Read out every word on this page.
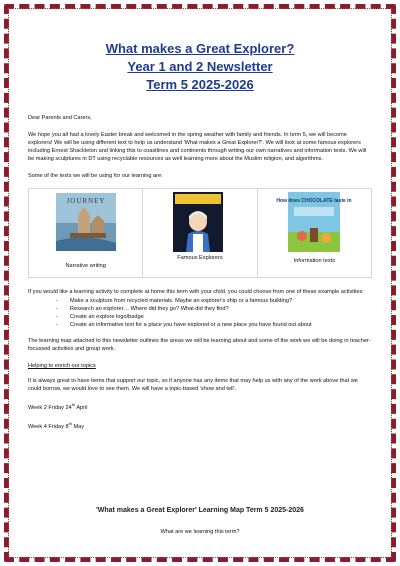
What makes a Great Explorer?
Year 1 and 2 Newsletter
Term 5 2025-2026

Dear Parents and Carers,

We hope you all had a lovely Easter break and welcomed in the spring weather with family and friends. In term 5, we will become explorers! We will be using different text to help us understand 'What makes a Great Explorer?'. We will look at some famous explorers including Ernest Shackleton and linking this to coastlines and continents through writing our own narratives and information texts. We will be making sculptures in DT using recyclable resources as well learning more about the Muslim religion, and algorithms.

Some of the texts we will be using for our learning are:

JOURNEY
Narrative writing
Famous Explorers
How does CHOCOLATE taste in
Information texts

If you would like a learning activity to complete at home this term with your child, you could choose from one of these example activities:

- Make a sculpture from recycled materials. Maybe an explorer's ship or a famous building?
- Research an explorer… Where did they go? What did they find?
- Create an explore logo/badge
- Create an informative text for a place you have explored or a new place you have found out about

The learning map attached to this newsletter outlines the areas we will be learning about and some of the work we will be doing in teacher-focussed activities and group work.

Helping to enrich our topics

It is always great to have items that support our topic, so if anyone has any items that may help us with any of the work above that we could borrow, we would love to see them. We will have a topic-based 'show and tell'.

Week 2 Friday 24th April

Week 4 Friday 8th May

'What makes a Great Explorer' Learning Map Term 5 2025-2026
What are we learning this term?
